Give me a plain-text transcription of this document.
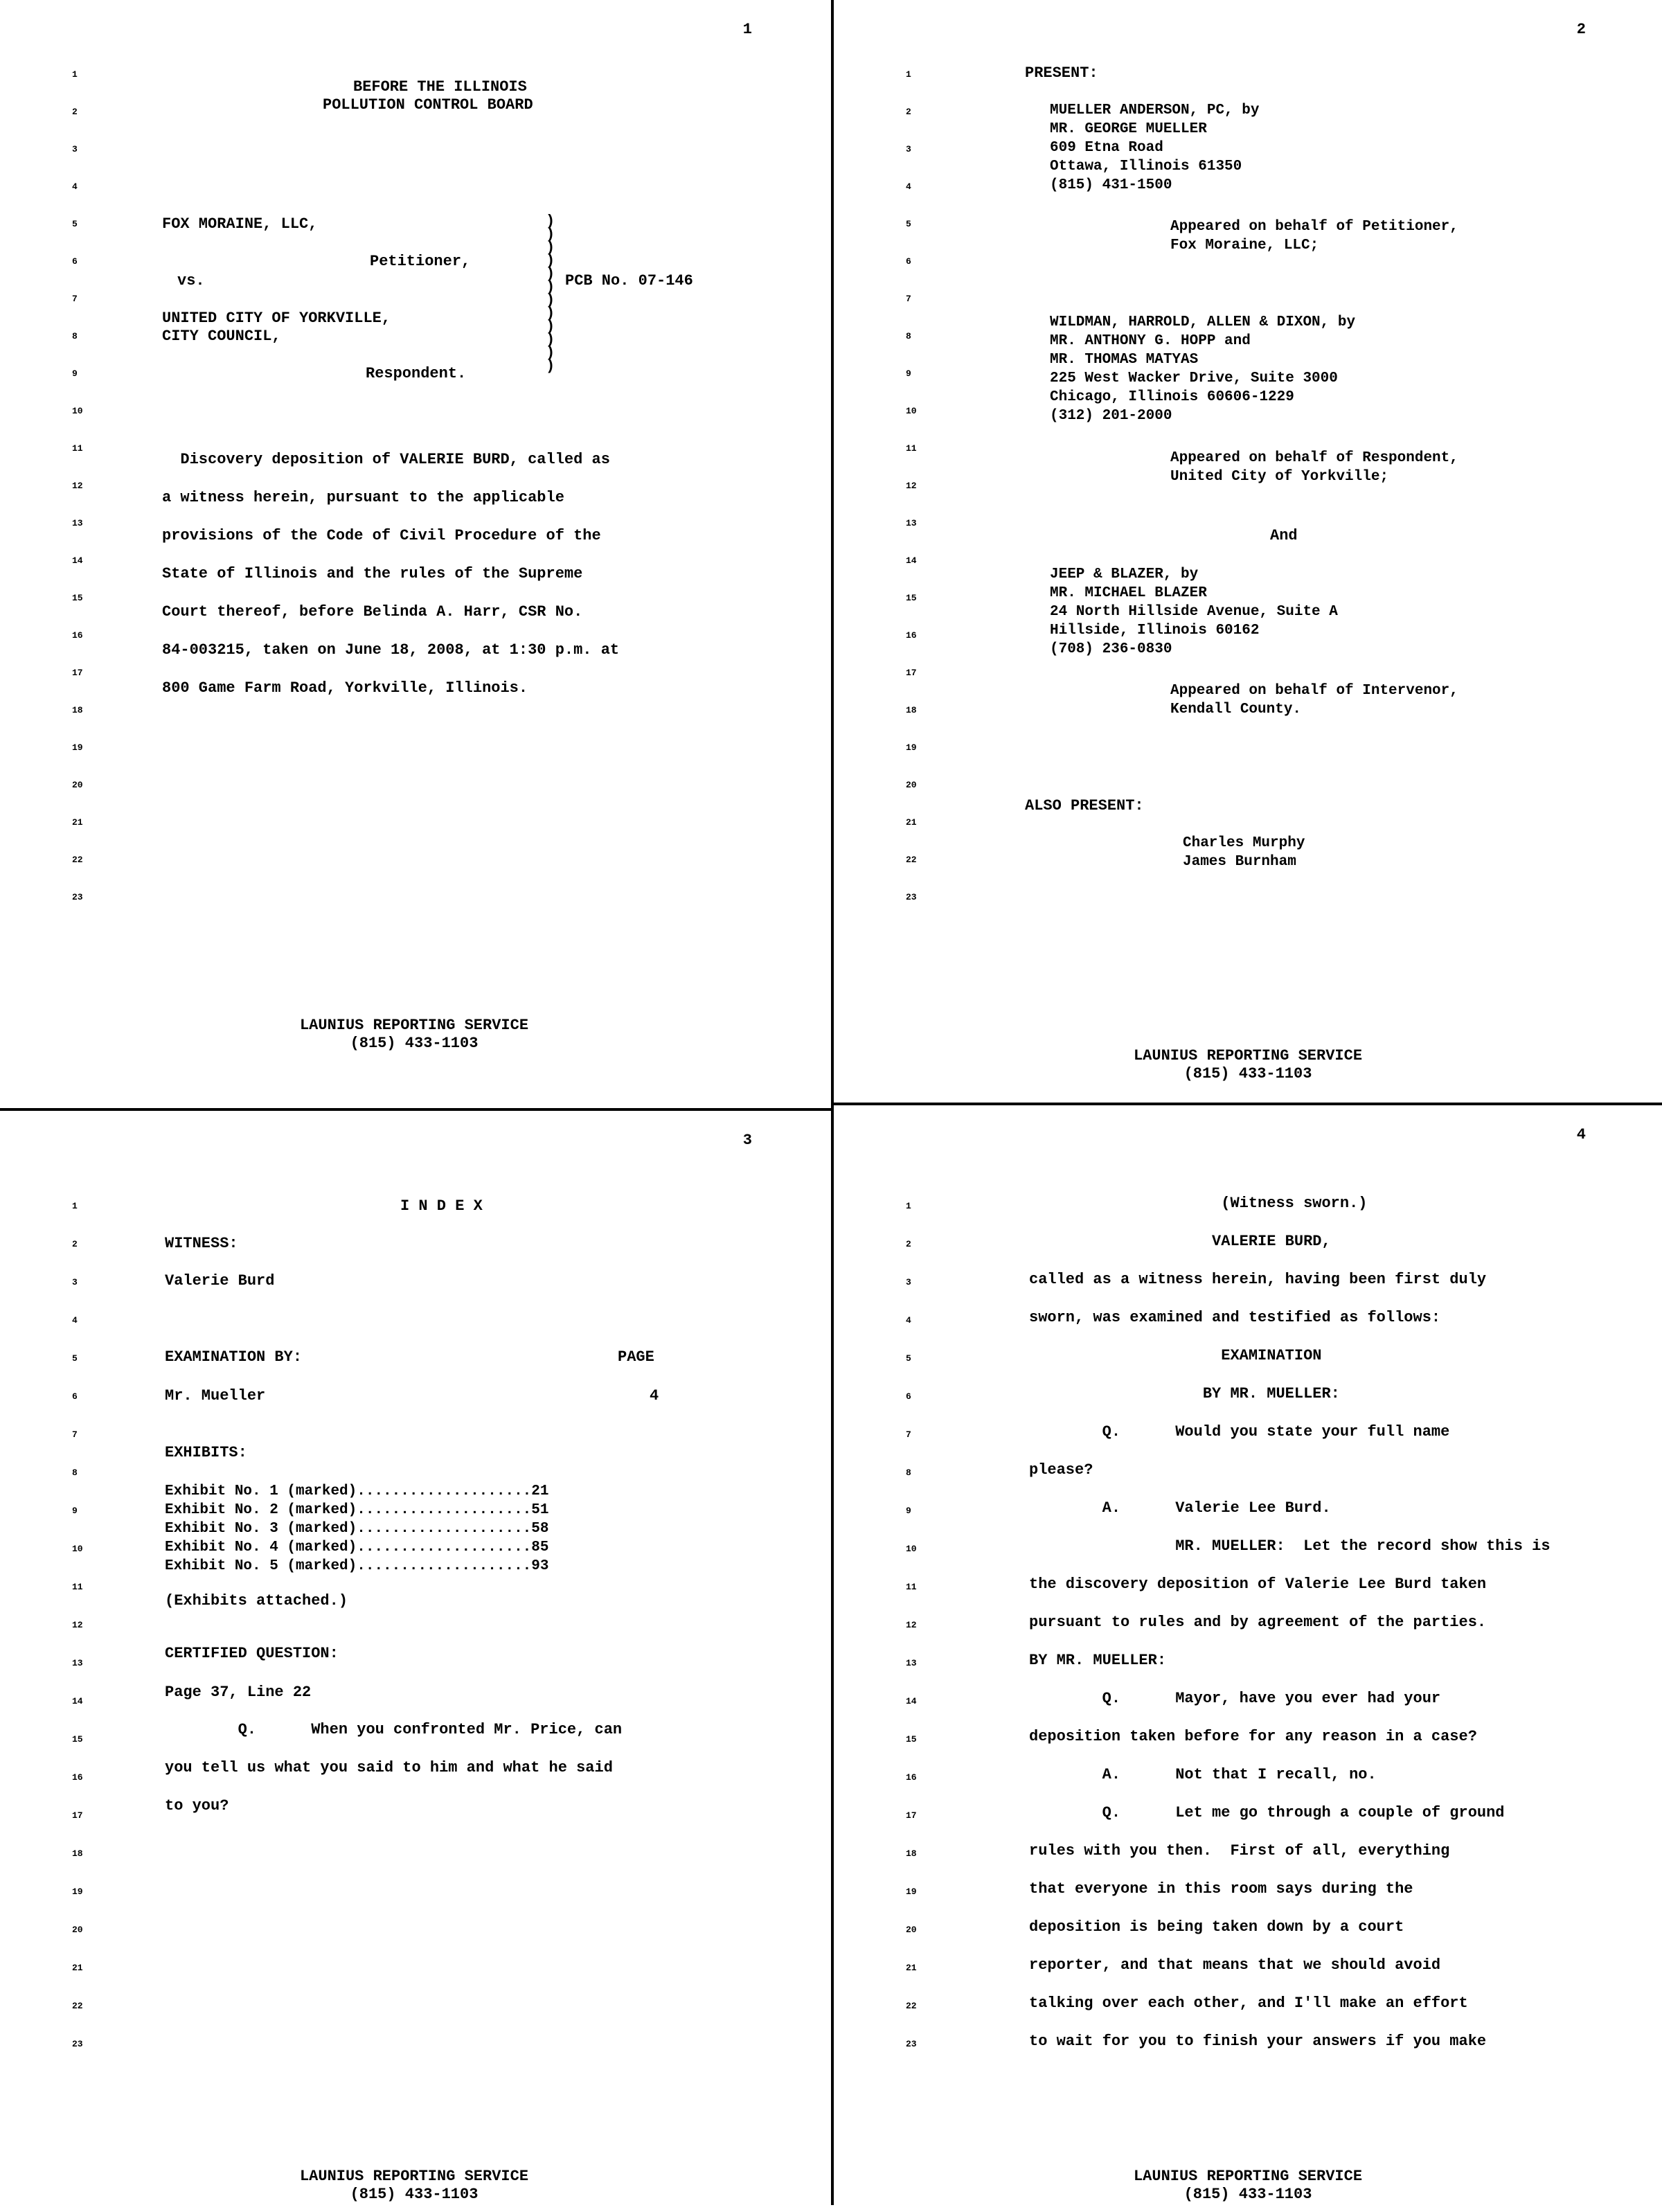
1
BEFORE THE ILLINOIS
POLLUTION CONTROL BOARD
FOX MORAINE, LLC,
Petitioner,
vs.	PCB No. 07-146
UNITED CITY OF YORKVILLE,
CITY COUNCIL,
Respondent.
)
)
)
)
)
)
)
)
)
)
)
)
LAUNIUS REPORTING SERVICE
(815) 433-1103
1
2
3
4
5
6
7
8
9
10
11
12
13
14
15
16
17
18
19
20
21
22
23
Discovery deposition of VALERIE BURD, called as
a witness herein, pursuant to the applicable
provisions of the Code of Civil Procedure of the
State of Illinois and the rules of the Supreme
Court thereof, before Belinda A. Harr, CSR No.
84-003215, taken on June 18, 2008, at 1:30 p.m. at
800 Game Farm Road, Yorkville, Illinois.
2
PRESENT:
And
ALSO PRESENT:
LAUNIUS REPORTING SERVICE
(815) 433-1103
1
2
3
4
5
6
7
8
9
10
11
12
13
14
15
16
17
18
19
20
21
22
23
MUELLER ANDERSON, PC, by
MR. GEORGE MUELLER
609 Etna Road
Ottawa, Illinois 61350
(815) 431-1500
Appeared on behalf of Petitioner,
Fox Moraine, LLC;
WILDMAN, HARROLD, ALLEN & DIXON, by
MR. ANTHONY G. HOPP and
MR. THOMAS MATYAS
225 West Wacker Drive, Suite 3000
Chicago, Illinois 60606-1229
(312) 201-2000
Appeared on behalf of Respondent,
United City of Yorkville;
JEEP & BLAZER, by
MR. MICHAEL BLAZER
24 North Hillside Avenue, Suite A
Hillside, Illinois 60162
(708) 236-0830
Appeared on behalf of Intervenor,
Kendall County.
Charles Murphy
James Burnham
3
I N D E X
WITNESS:
Valerie Burd
EXAMINATION BY:	PAGE
Mr. Mueller	4
EXHIBITS:
(Exhibits attached.)
CERTIFIED QUESTION:
Page 37, Line 22
LAUNIUS REPORTING SERVICE
(815) 433-1103
1
2
3
4
5
6
7
8
9
10
11
12
13
14
15
16
17
18
19
20
21
22
23
Q.      When you confronted Mr. Price, can
you tell us what you said to him and what he said
to you?
Exhibit No. 1 (marked)....................21
Exhibit No. 2 (marked)....................51
Exhibit No. 3 (marked)....................58
Exhibit No. 4 (marked)....................85
Exhibit No. 5 (marked)....................93
4
LAUNIUS REPORTING SERVICE
(815) 433-1103
1
2
3
4
5
6
7
8
9
10
11
12
13
14
15
16
17
18
19
20
21
22
23
(Witness sworn.)
VALERIE BURD,
called as a witness herein, having been first duly
sworn, was examined and testified as follows:
EXAMINATION
BY MR. MUELLER:
Q.      Would you state your full name
please?
A.      Valerie Lee Burd.
MR. MUELLER:  Let the record show this is
the discovery deposition of Valerie Lee Burd taken
pursuant to rules and by agreement of the parties.
BY MR. MUELLER:
Q.      Mayor, have you ever had your
deposition taken before for any reason in a case?
A.      Not that I recall, no.
Q.      Let me go through a couple of ground
rules with you then.  First of all, everything
that everyone in this room says during the
deposition is being taken down by a court
reporter, and that means that we should avoid
talking over each other, and I'll make an effort
to wait for you to finish your answers if you make
